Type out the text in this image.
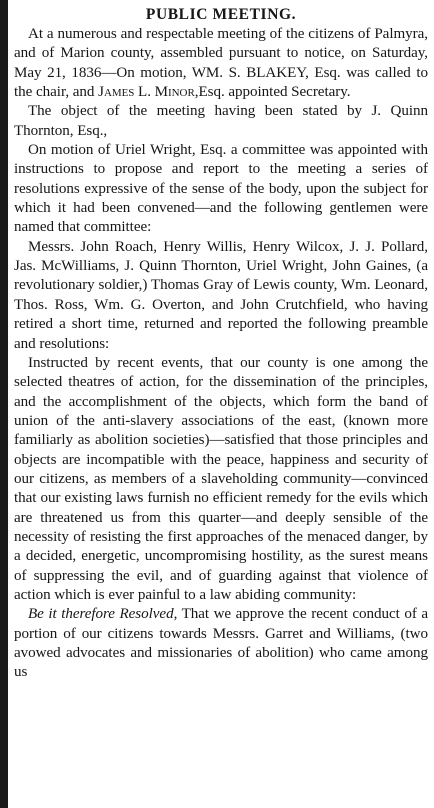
PUBLIC MEETING.

At a numerous and respectable meeting of the citizens of Palmyra, and of Marion county, assembled pursuant to notice, on Saturday, May 21, 1836—On motion, WM. S. BLAKEY, Esq. was called to the chair, and James L. Minor,Esq. appointed Secretary.

The object of the meeting having been stated by J. Quinn Thornton, Esq.,

On motion of Uriel Wright, Esq. a committee was appointed with instructions to propose and report to the meeting a series of resolutions expressive of the sense of the body, upon the subject for which it had been convened—and the following gentlemen were named that committee:

Messrs. John Roach, Henry Willis, Henry Wilcox, J. J. Pollard, Jas. McWilliams, J. Quinn Thornton, Uriel Wright, John Gaines, (a revolutionary soldier,) Thomas Gray of Lewis county, Wm. Leonard, Thos. Ross, Wm. G. Overton, and John Crutchfield, who having retired a short time, returned and reported the following preamble and resolutions:

Instructed by recent events, that our county is one among the selected theatres of action, for the dissemination of the principles, and the accomplishment of the objects, which form the band of union of the anti-slavery associations of the east, (known more familiarly as abolition societies)—satisfied that those principles and objects are incompatible with the peace, happiness and security of our citizens, as members of a slaveholding community—convinced that our existing laws furnish no efficient remedy for the evils which are threatened us from this quarter—and deeply sensible of the necessity of resisting the first approaches of the menaced danger, by a decided, energetic, uncompromising hostility, as the surest means of suppressing the evil, and of guarding against that violence of action which is ever painful to a law abiding community:

Be it therefore Resolved, That we approve the recent conduct of a portion of our citizens towards Messrs. Garret and Williams, (two avowed advocates and missionaries of abolition) who came among us
